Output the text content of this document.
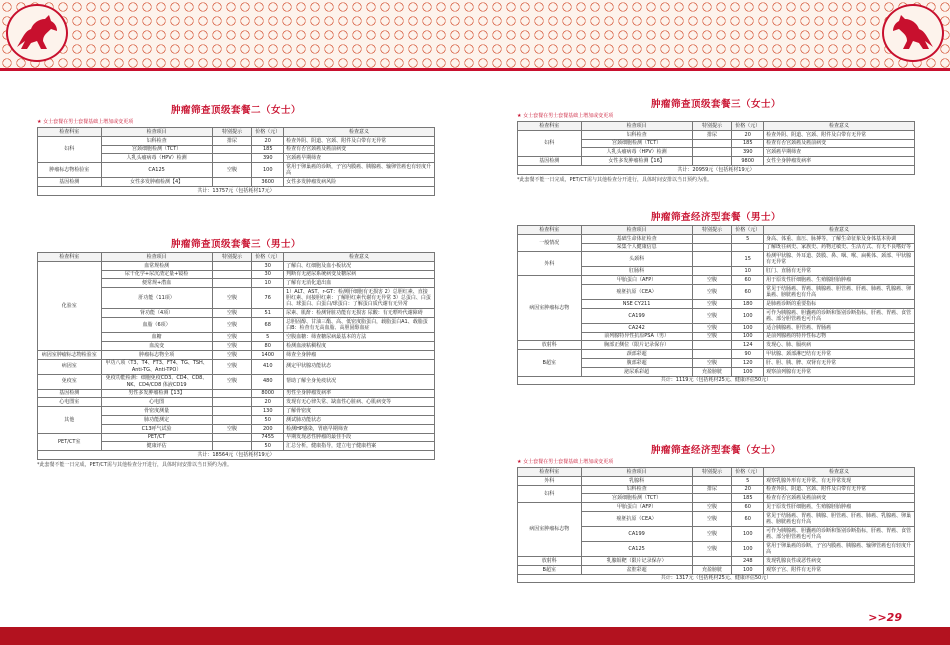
肿瘤筛查顶级套餐二（女士）
★ 女士套餐在男士套餐基础上增加或变更项
检查科室	检查项目	特别提示	价格（元）	检查意义
妇科	妇科检查	排尿	20	检查外阴、阴道、宫颈、附件及白带有无异常
	宫颈细胞检测（TCT）		185	检查有否宫颈癌及癌前病变
	人乳头瘤病毒（HPV）检测		390	宫颈癌早期筛查
肿瘤标志物检验室	CA125	空腹	100	常用于卵巢癌的诊断，子宫内膜癌、胰腺癌、输卵管癌也有轻度升高
基因检测	女性多发肿瘤检测【4】		3600	女性多发肿瘤发病风险
共计：13757元（包括耗材17元）				
肿瘤筛查顶级套餐三（男士）
检查科室	检查项目	特别提示	价格（元）	检查意义
化验室	血常规检测		30	了解白、红细胞及血小板状况
	尿干化学+尿沉渣定量+镜检		30	判断有无泌尿系统病变及糖尿病
	便常规+潜血		10	了解有无消化道出血
	肝功能（11项）	空腹	76	1）ALT、AST、r-GT：检测肝细胞有无损害 2）总胆红素、直接胆红素、间接胆红素：了解胆红素代谢有无异常 3）总蛋白、白蛋白、球蛋白、白蛋白/球蛋白：了解蛋白质代谢有无异常
	肾功能（4项）	空腹	51	尿素、肌酐：检测肾脏功能有无损害 尿酸：有无嘌呤代谢障碍
	血脂（6项）	空腹	68	总胆固醇、甘油三酯、高、低密度脂蛋白，载脂蛋白A1、载脂蛋白B：检查有无高血脂、高胆固醇血症
	血糖	空腹	5	空腹血糖：筛查糖尿病最基本的方法
	血流变	空腹	80	检测血液粘稠程度
病因室肿瘤标志物检验室	肿瘤标志物全项	空腹	1400	筛查全身肿瘤
病因室	甲功八项（T3、T4、FT3、FT4、TG、TSH、Anti-TG、Anti-TPO）	空腹	410	测定甲状腺功能状态
免疫室	免疫功能检测：细胞免疫CD3、CD4、CD8、NK、CD4/CD8 体液CD19	空腹	480	帮助了解全身免疫状况
基因检测	男性多发肿瘤检测【13】		8000	男性全身肿瘤发病率
心电图室	心电图		20	发现有无心律失常、缺血性心脏病、心肌病变等
其他	骨密度测量		130	了解骨密度
	肺功能测定		50	测试肺功能状态
	C13呼气试验	空腹	200	检测HP感染，胃癌早期筛查
PET/CT室	PET/CT		7455	早期发现恶性肿瘤的最佳手段
	健康评估		50	汇总分析，健康指导，建立电子健康档案
共计：18564元（包括耗材19元）				
*此套餐不能一日完成，PET/CT需与其他检查分开进行，具体时间安排以当日预约为准。
肿瘤筛查顶级套餐三（女士）
★ 女士套餐在男士套餐基础上增加或变更项
检查科室	检查项目	特别提示	价格（元）	检查意义
妇科	妇科检查	排尿	20	检查外阴、阴道、宫颈、附件及白带有无异常
	宫颈细胞检测（TCT）		185	检查有否宫颈癌及癌前病变
	人乳头瘤病毒（HPV）检测		390	宫颈癌早期筛查
基因检测	女性多发肿瘤检测【16】		9800	女性全身肿瘤发病率
共计：20959元（包括耗材19元）				
*此套餐不能一日完成，PET/CT需与其他检查分开进行，具体时间安排以当日预约为准。
肿瘤筛查经济型套餐（男士）
检查科室	检查项目	特别提示	价格（元）	检查意义
一般情况	基础生命体征检查		5	身高、体重、血压、脉搏等，了解生命征象及身体基本协调
	采集个人健康信息			了解既往病史、家族史、药物过敏史、生活方式、有无不良嗜好等
外科	头颈科		15	检测甲状腺、外耳道、鼓膜、鼻、咽、喉、扁桃体、颈部、甲状腺有无异常
	肛肠科		10	肛门、直肠有无异常
病因室肿瘤标志物	甲胎蛋白（AFP）	空腹	60	用于原发性肝细胞癌、生殖腺胚胎肿瘤
	癌胚抗原（CEA）	空腹	60	常见于结肠癌、胃癌、胰腺癌、胆管癌、肝癌、肺癌、乳腺癌、卵巢癌、膀胱癌也有升高
	NSE CY211	空腹	180	是肺癌诊断的重要指标
	CA199	空腹	100	可作为胰腺癌、胆囊癌的诊断和鉴别诊断指标，肝癌、胃癌、食管癌、部分胆管癌也可升高
	CA242	空腹	100	适合胰腺癌、胆管癌、胃肠癌
	前列腺特异性抗原PSA（男）	空腹	100	是前列腺癌的特异性标志物
放射科	胸部正侧位（限片记录保存）		124	发现心、肺、膈疾病
B超室	颈部彩超		90	甲状腺、颈部淋巴结有无异常
	腹部彩超	空腹	120	肝、胆、胰、脾、双肾有无异常
	泌尿系彩超	充盈膀胱	100	观察前列腺有无异常
共计：1119元（包括耗材25元、健康评估50元）				
肿瘤筛查经济型套餐（女士）
★ 女士套餐在男士套餐基础上增加或变更项
检查科室	检查项目	特别提示	价格（元）	检查意义
外科	乳腺科		5	观察乳腺外形有无异常，有无异常发现
妇科	妇科检查	排尿	20	检查外阴、阴道、宫颈、附件及白带有无异常
	宫颈细胞检测（TCT）		185	检查有否宫颈癌及癌前病变
病因室肿瘤标志物	甲胎蛋白（AFP）	空腹	60	见于原发性肝细胞癌，生殖腺胚胎肿瘤
	癌胚抗原（CEA）	空腹	60	常见于结肠癌、胃癌、胰腺、胆管癌、肝癌、肺癌、乳腺癌、卵巢癌、膀胱癌也有升高
	CA199	空腹	100	可作为胰腺癌、胆囊癌的诊断和鉴别诊断指标，肝癌、胃癌、食管癌、部分胆管癌也可升高
	CA125	空腹	100	常用于卵巢癌的诊断，子宫内膜癌、胰腺癌、输卵管癌也有轻度升高
放射科	乳腺钼靶（限片记录保存）		248	发现乳腺良性或恶性病变
B超室	盆腔彩超	充盈膀胱	100	观察子宫、附件有无异常
共计：1317元（包括耗材25元、健康评估50元）				
>>29
